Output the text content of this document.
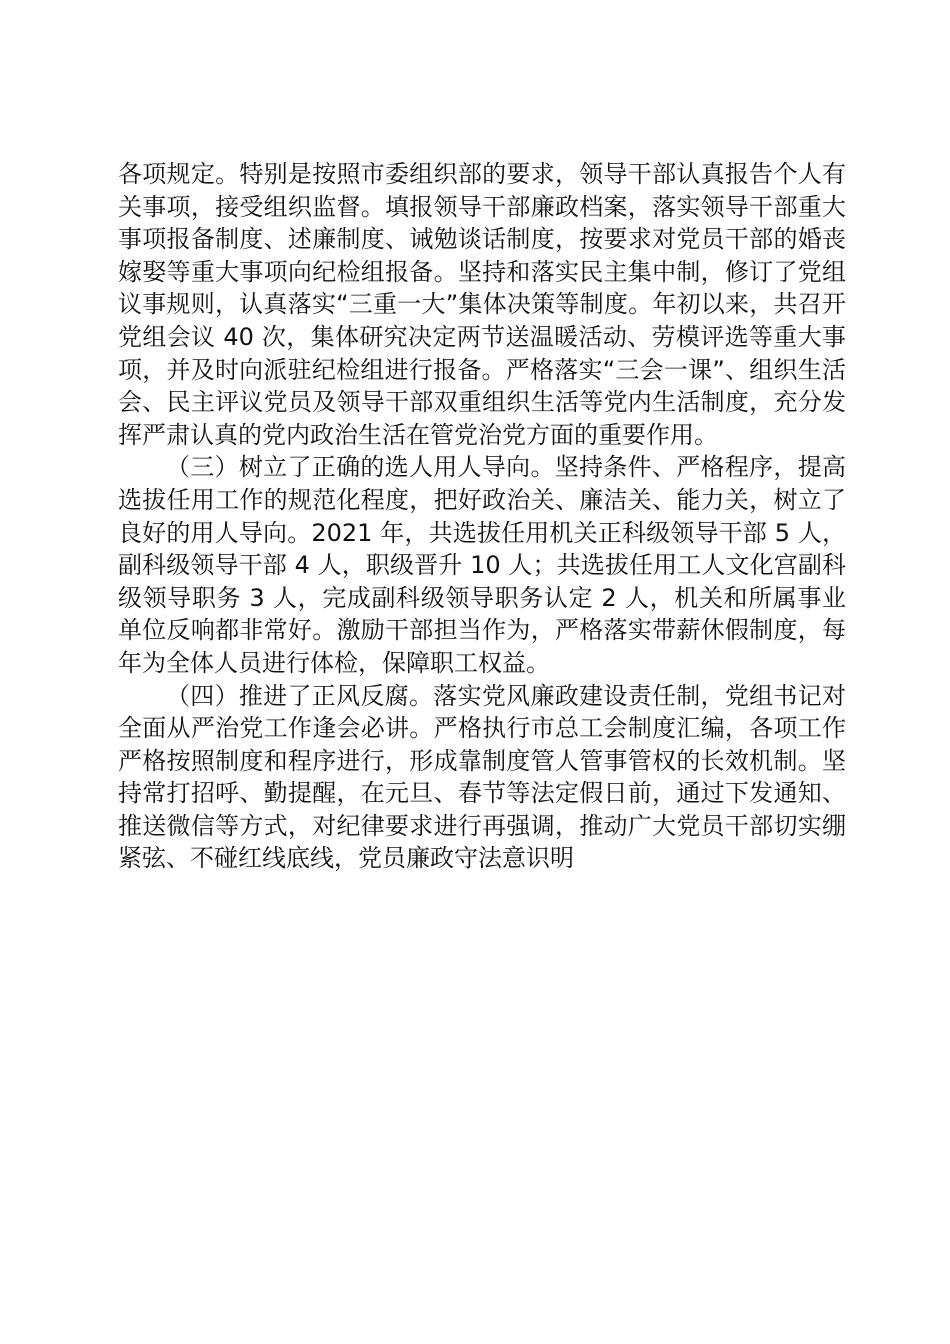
各项规定。特别是按照市委组织部的要求，领导干部认真报告个人有关事项，接受组织监督。填报领导干部廉政档案，落实领导干部重大事项报备制度、述廉制度、诫勉谈话制度，按要求对党员干部的婚丧嫁娶等重大事项向纪检组报备。坚持和落实民主集中制，修订了党组议事规则，认真落实“三重一大”集体决策等制度。年初以来，共召开党组会议 40 次，集体研究决定两节送温暖活动、劳模评选等重大事项，并及时向派驻纪检组进行报备。严格落实“三会一课”、组织生活会、民主评议党员及领导干部双重组织生活等党内生活制度，充分发挥严肃认真的党内政治生活在管党治党方面的重要作用。

（三）树立了正确的选人用人导向。坚持条件、严格程序，提高选拔任用工作的规范化程度，把好政治关、廉洁关、能力关，树立了良好的用人导向。2021 年，共选拔任用机关正科级领导干部 5 人，副科级领导干部 4 人，职级晋升 10 人；共选拔任用工人文化宫副科级领导职务 3 人，完成副科级领导职务认定 2 人，机关和所属事业单位反响都非常好。激励干部担当作为，严格落实带薪休假制度，每年为全体人员进行体检，保障职工权益。

（四）推进了正风反腐。落实党风廉政建设责任制，党组书记对全面从严治党工作逢会必讲。严格执行市总工会制度汇编，各项工作严格按照制度和程序进行，形成靠制度管人管事管权的长效机制。坚持常打招呼、勤提醒，在元旦、春节等法定假日前，通过下发通知、推送微信等方式，对纪律要求进行再强调，推动广大党员干部切实绷紧弦、不碰红线底线，党员廉政守法意识明
